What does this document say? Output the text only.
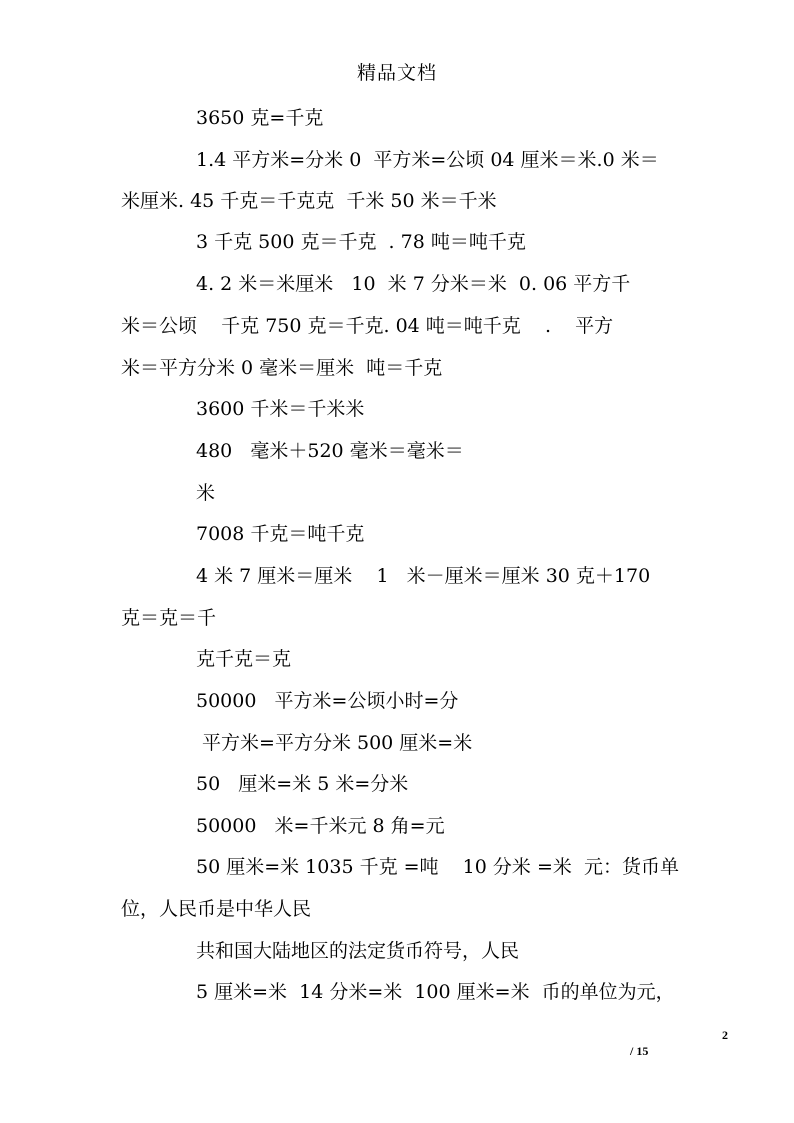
精品文档
3650 克=千克
1.4 平方米=分米 0  平方米=公顷 04 厘米＝米.0 米＝
米厘米. 45 千克＝千克克  千米 50 米＝千米
3 千克 500 克＝千克  . 78 吨＝吨千克
4. 2 米＝米厘米   10  米 7 分米＝米  0. 06 平方千
米＝公顷    千克 750 克＝千克. 04 吨＝吨千克    .    平方
米＝平方分米 0 毫米＝厘米  吨＝千克
3600 千米＝千米米
480   毫米＋520 毫米＝毫米＝
米
7008 千克＝吨千克
4 米 7 厘米＝厘米    1   米－厘米＝厘米 30 克＋170
克＝克＝千
克千克＝克
50000   平方米=公顷小时=分
平方米=平方分米 500 厘米=米
50   厘米=米 5 米=分米
50000   米=千米元 8 角=元
50 厘米=米 1035 千克 =吨    10 分米 =米  元：货币单
位，人民币是中华人民
共和国大陆地区的法定货币符号，人民
5 厘米=米  14 分米=米  100 厘米=米  币的单位为元，
2
/ 15
